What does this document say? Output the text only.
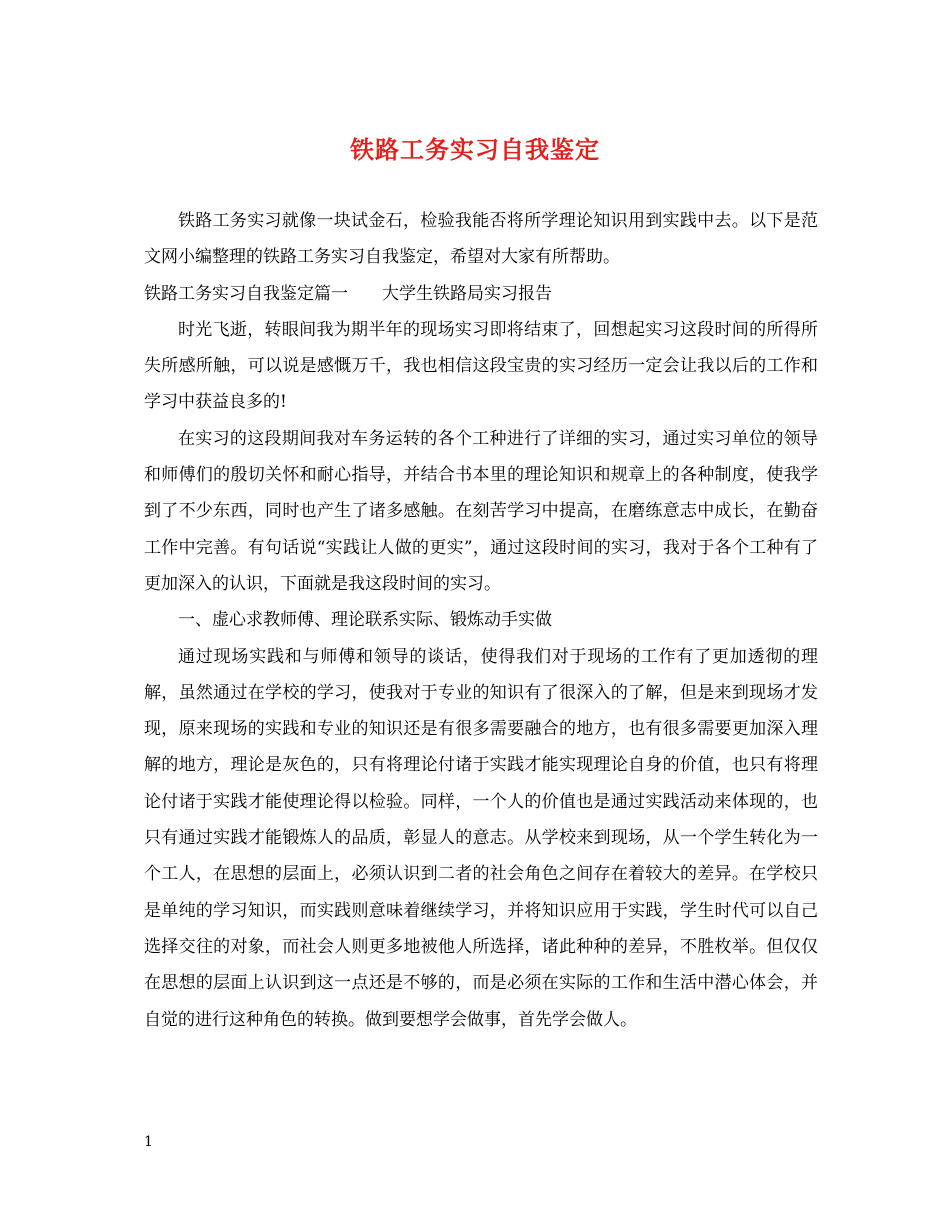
铁路工务实习自我鉴定

铁路工务实习就像一块试金石，检验我能否将所学理论知识用到实践中去。以下是范文网小编整理的铁路工务实习自我鉴定，希望对大家有所帮助。

铁路工务实习自我鉴定篇一　　大学生铁路局实习报告

时光飞逝，转眼间我为期半年的现场实习即将结束了，回想起实习这段时间的所得所失所感所触，可以说是感慨万千，我也相信这段宝贵的实习经历一定会让我以后的工作和学习中获益良多的!

在实习的这段期间我对车务运转的各个工种进行了详细的实习，通过实习单位的领导和师傅们的殷切关怀和耐心指导，并结合书本里的理论知识和规章上的各种制度，使我学到了不少东西，同时也产生了诸多感触。在刻苦学习中提高，在磨练意志中成长，在勤奋工作中完善。有句话说“实践让人做的更实”，通过这段时间的实习，我对于各个工种有了更加深入的认识，下面就是我这段时间的实习。

一、虚心求教师傅、理论联系实际、锻炼动手实做

通过现场实践和与师傅和领导的谈话，使得我们对于现场的工作有了更加透彻的理解，虽然通过在学校的学习，使我对于专业的知识有了很深入的了解，但是来到现场才发现，原来现场的实践和专业的知识还是有很多需要融合的地方，也有很多需要更加深入理解的地方，理论是灰色的，只有将理论付诸于实践才能实现理论自身的价值，也只有将理论付诸于实践才能使理论得以检验。同样，一个人的价值也是通过实践活动来体现的，也只有通过实践才能锻炼人的品质，彰显人的意志。从学校来到现场，从一个学生转化为一个工人，在思想的层面上，必须认识到二者的社会角色之间存在着较大的差异。在学校只是单纯的学习知识，而实践则意味着继续学习，并将知识应用于实践，学生时代可以自己选择交往的对象，而社会人则更多地被他人所选择，诸此种种的差异，不胜枚举。但仅仅在思想的层面上认识到这一点还是不够的，而是必须在实际的工作和生活中潜心体会，并自觉的进行这种角色的转换。做到要想学会做事，首先学会做人。

1
